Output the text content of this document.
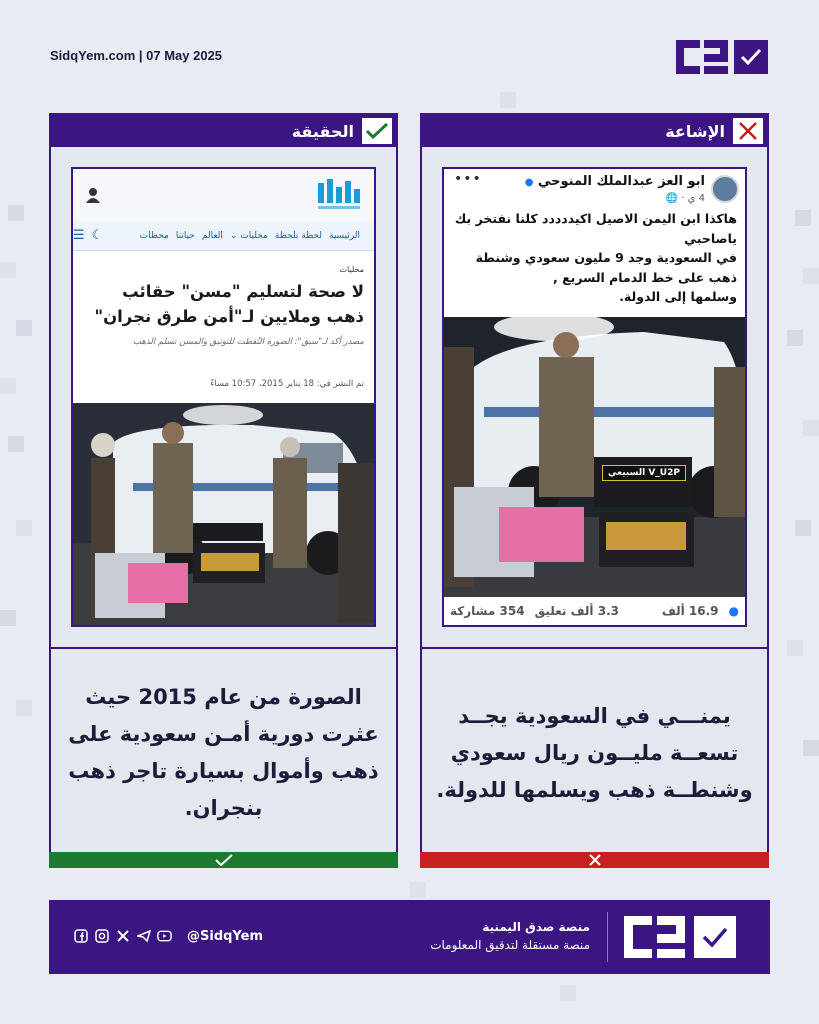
SidqYem.com | 07 May 2025
الحقيقة
الرئيسية
لحظة بلحظة
محليات ⌄
العالم
حياتنا
محطات
☾
☰
محليات
لا صحة لتسليم "مسن" حقائب ذهب وملايين لـ"أمن طرق نجران"
مصدر أكد لـ"سبق": الصورة التُقطت للتوثيق والمسن تسلم الذهب
تم النشر في: 18 يناير 2015، 10:57 مساءً
الصورة من عام 2015 حيث عثرت دورية أمـن سعودية على ذهب وأموال بسيارة تاجر ذهب بنجران.
الإشاعة
ابو العز عبدالملك المنوحي ●
4 ي · 🌐
•••
هاكذا ابن اليمن الاصيل اكيددددد كلنا نفتخر بك ياصاحبي
في السعودية وجد 9 مليون سعودي وشنطة ذهب على خط الدمام السريع ,
وسلمها إلى الدولة.
السبيعي V_U2P
●
16.9 ألف
3.3 ألف تعليق
354 مشاركة
يمنـــي في السعودية يجــد تسعــة مليــون ريال سعودي وشنطــة ذهب ويسلمها للدولة.
@SidqYem
منصة صدق اليمنية
منصة مستقلة لتدقيق المعلومات
